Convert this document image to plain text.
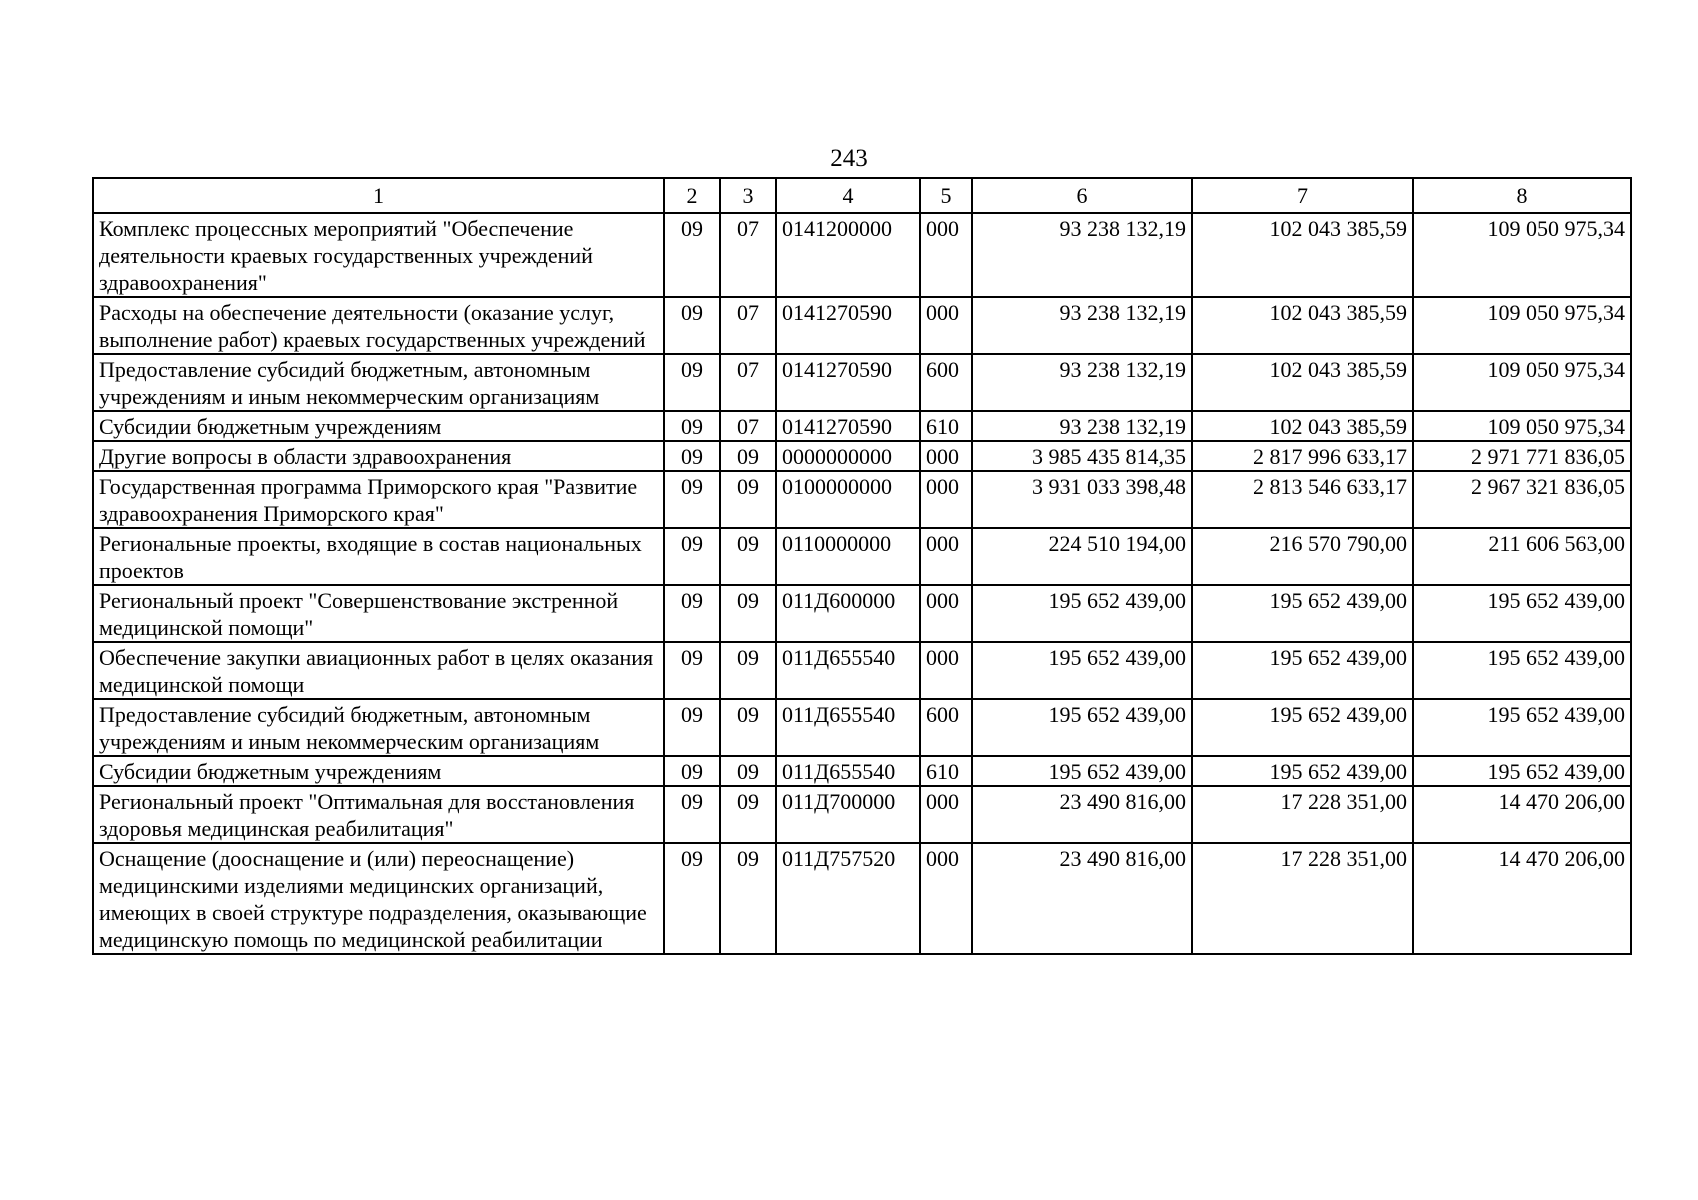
243
1	2	3	4	5	6	7	8
Комплекс процессных мероприятий "Обеспечение деятельности краевых государственных учреждений здравоохранения"	09	07	0141200000	000	93 238 132,19	102 043 385,59	109 050 975,34
Расходы на обеспечение деятельности (оказание услуг, выполнение работ) краевых государственных учреждений	09	07	0141270590	000	93 238 132,19	102 043 385,59	109 050 975,34
Предоставление субсидий бюджетным, автономным учреждениям и иным некоммерческим организациям	09	07	0141270590	600	93 238 132,19	102 043 385,59	109 050 975,34
Субсидии бюджетным учреждениям	09	07	0141270590	610	93 238 132,19	102 043 385,59	109 050 975,34
Другие вопросы в области здравоохранения	09	09	0000000000	000	3 985 435 814,35	2 817 996 633,17	2 971 771 836,05
Государственная программа Приморского края "Развитие здравоохранения Приморского края"	09	09	0100000000	000	3 931 033 398,48	2 813 546 633,17	2 967 321 836,05
Региональные проекты, входящие в состав национальных проектов	09	09	0110000000	000	224 510 194,00	216 570 790,00	211 606 563,00
Региональный проект "Совершенствование экстренной медицинской помощи"	09	09	011Д600000	000	195 652 439,00	195 652 439,00	195 652 439,00
Обеспечение закупки авиационных работ в целях оказания медицинской помощи	09	09	011Д655540	000	195 652 439,00	195 652 439,00	195 652 439,00
Предоставление субсидий бюджетным, автономным учреждениям и иным некоммерческим организациям	09	09	011Д655540	600	195 652 439,00	195 652 439,00	195 652 439,00
Субсидии бюджетным учреждениям	09	09	011Д655540	610	195 652 439,00	195 652 439,00	195 652 439,00
Региональный проект "Оптимальная для восстановления здоровья медицинская реабилитация"	09	09	011Д700000	000	23 490 816,00	17 228 351,00	14 470 206,00
Оснащение (дооснащение и (или) переоснащение) медицинскими изделиями медицинских организаций, имеющих в своей структуре подразделения, оказывающие медицинскую помощь по медицинской реабилитации	09	09	011Д757520	000	23 490 816,00	17 228 351,00	14 470 206,00
